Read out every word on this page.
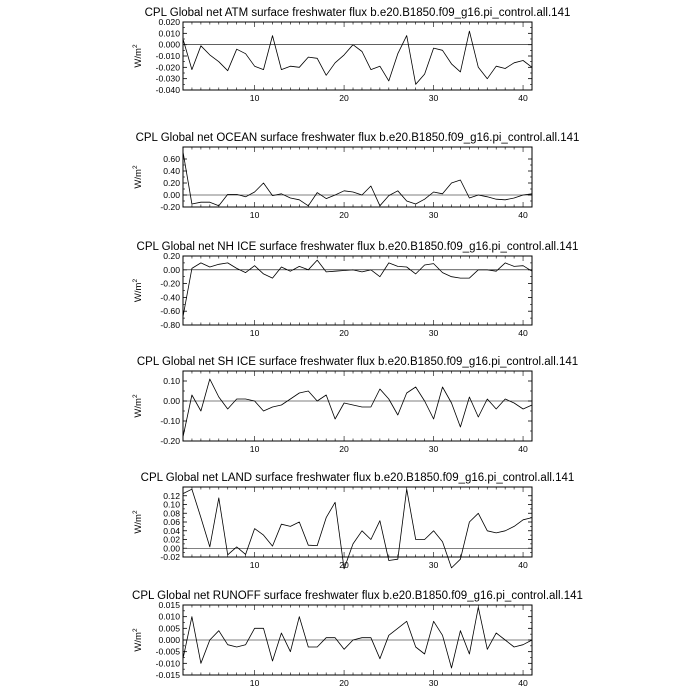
CPL Global net ATM surface freshwater flux b.e20.B1850.f09_g16.pi_control.all.141
-0.040
-0.030
-0.020
-0.010
0.000
0.010
0.020
10	20	30	40
$W/m^2$
CPL Global net OCEAN surface freshwater flux b.e20.B1850.f09_g16.pi_control.all.141
-0.20
0.00
0.20
0.40
0.60
10	20	30	40
$W/m^2$
CPL Global net NH ICE surface freshwater flux b.e20.B1850.f09_g16.pi_control.all.141
-0.80
-0.60
-0.40
-0.20
0.00
0.20
10	20	30	40
$W/m^2$
CPL Global net SH ICE surface freshwater flux b.e20.B1850.f09_g16.pi_control.all.141
-0.20
-0.10
0.00
0.10
10	20	30	40
$W/m^2$
CPL Global net LAND surface freshwater flux b.e20.B1850.f09_g16.pi_control.all.141
-0.02
0.00
0.02
0.04
0.06
0.08
0.10
0.12
10	20	30	40
$W/m^2$
CPL Global net RUNOFF surface freshwater flux b.e20.B1850.f09_g16.pi_control.all.141
-0.015
-0.010
-0.005
0.000
0.005
0.010
0.015
10	20	30	40
$W/m^2$
